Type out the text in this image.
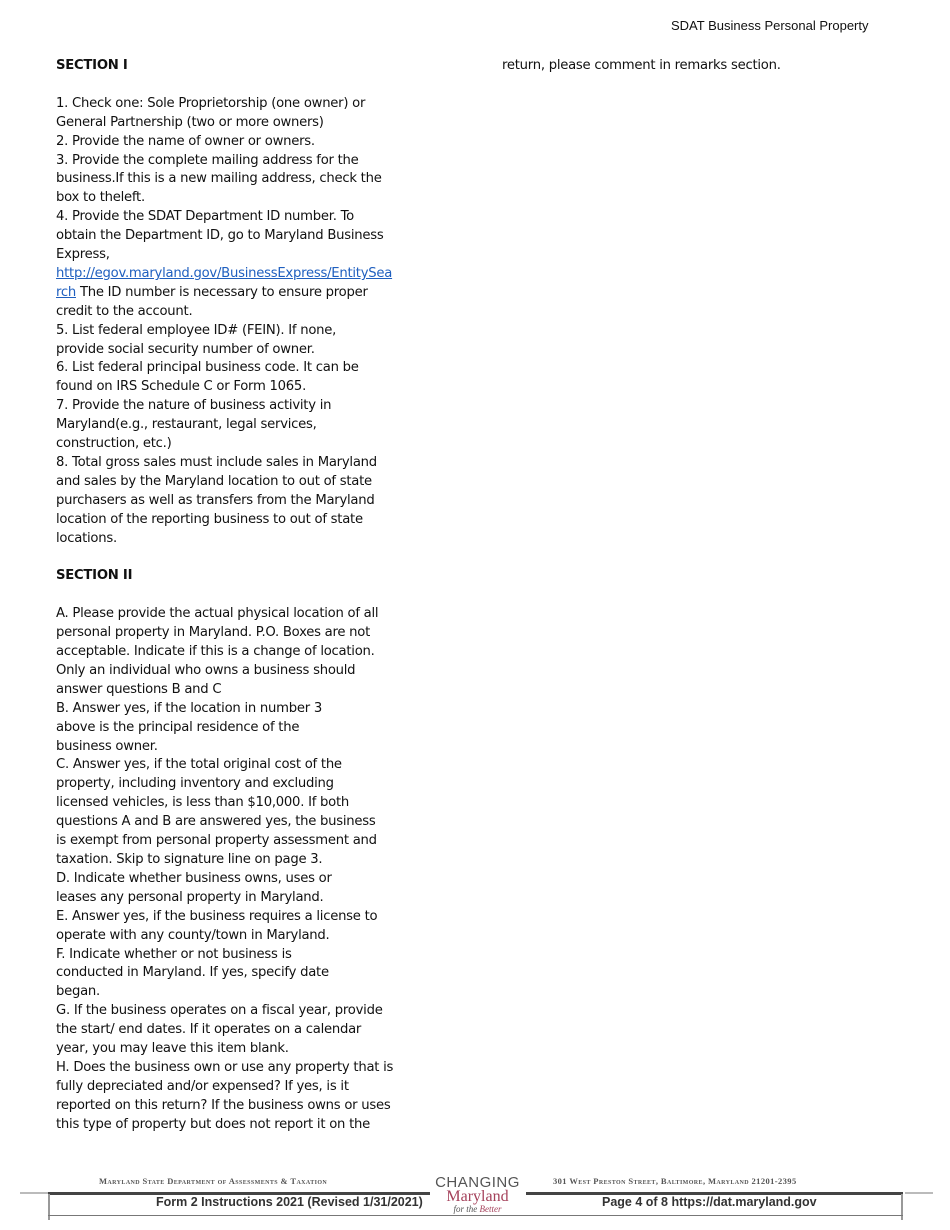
SDAT Business Personal Property
SECTION I
1. Check one: Sole Proprietorship (one owner) or
General Partnership (two or more owners)
2. Provide the name of owner or owners.
3. Provide the complete mailing address for the
business.If this is a new mailing address, check the
box to theleft.
4. Provide the SDAT Department ID number. To
obtain the Department ID, go to Maryland Business
Express,
http://egov.maryland.gov/BusinessExpress/EntitySea
rch The ID number is necessary to ensure proper
credit to the account.
5. List federal employee ID# (FEIN). If none,
provide social security number of owner.
6. List federal principal business code. It can be
found on IRS Schedule C or Form 1065.
7. Provide the nature of business activity in
Maryland(e.g., restaurant, legal services,
construction, etc.)
8. Total gross sales must include sales in Maryland
and sales by the Maryland location to out of state
purchasers as well as transfers from the Maryland
location of the reporting business to out of state
locations.
SECTION II
A. Please provide the actual physical location of all
personal property in Maryland. P.O. Boxes are not
acceptable. Indicate if this is a change of location.
Only an individual who owns a business should
answer questions B and C
B. Answer yes, if the location in number 3
above is the principal residence of the
business owner.
C. Answer yes, if the total original cost of the
property, including inventory and excluding
licensed vehicles, is less than $10,000. If both
questions A and B are answered yes, the business
is exempt from personal property assessment and
taxation. Skip to signature line on page 3.
D. Indicate whether business owns, uses or
leases any personal property in Maryland.
E. Answer yes, if the business requires a license to
operate with any county/town in Maryland.
F. Indicate whether or not business is
conducted in Maryland. If yes, specify date
began.
G. If the business operates on a fiscal year, provide
the start/ end dates. If it operates on a calendar
year, you may leave this item blank.
H. Does the business own or use any property that is
fully depreciated and/or expensed? If yes, is it
reported on this return? If the business owns or uses
this type of property but does not report it on the
return, please comment in remarks section.
Maryland State Department of Assessments & Taxation	301 West Preston Street, Baltimore, Maryland 21201-2395
Form 2 Instructions 2021 (Revised 1/31/2021)	Page 4 of 8 https://dat.maryland.gov
CHANGING
Maryland
for the Better
